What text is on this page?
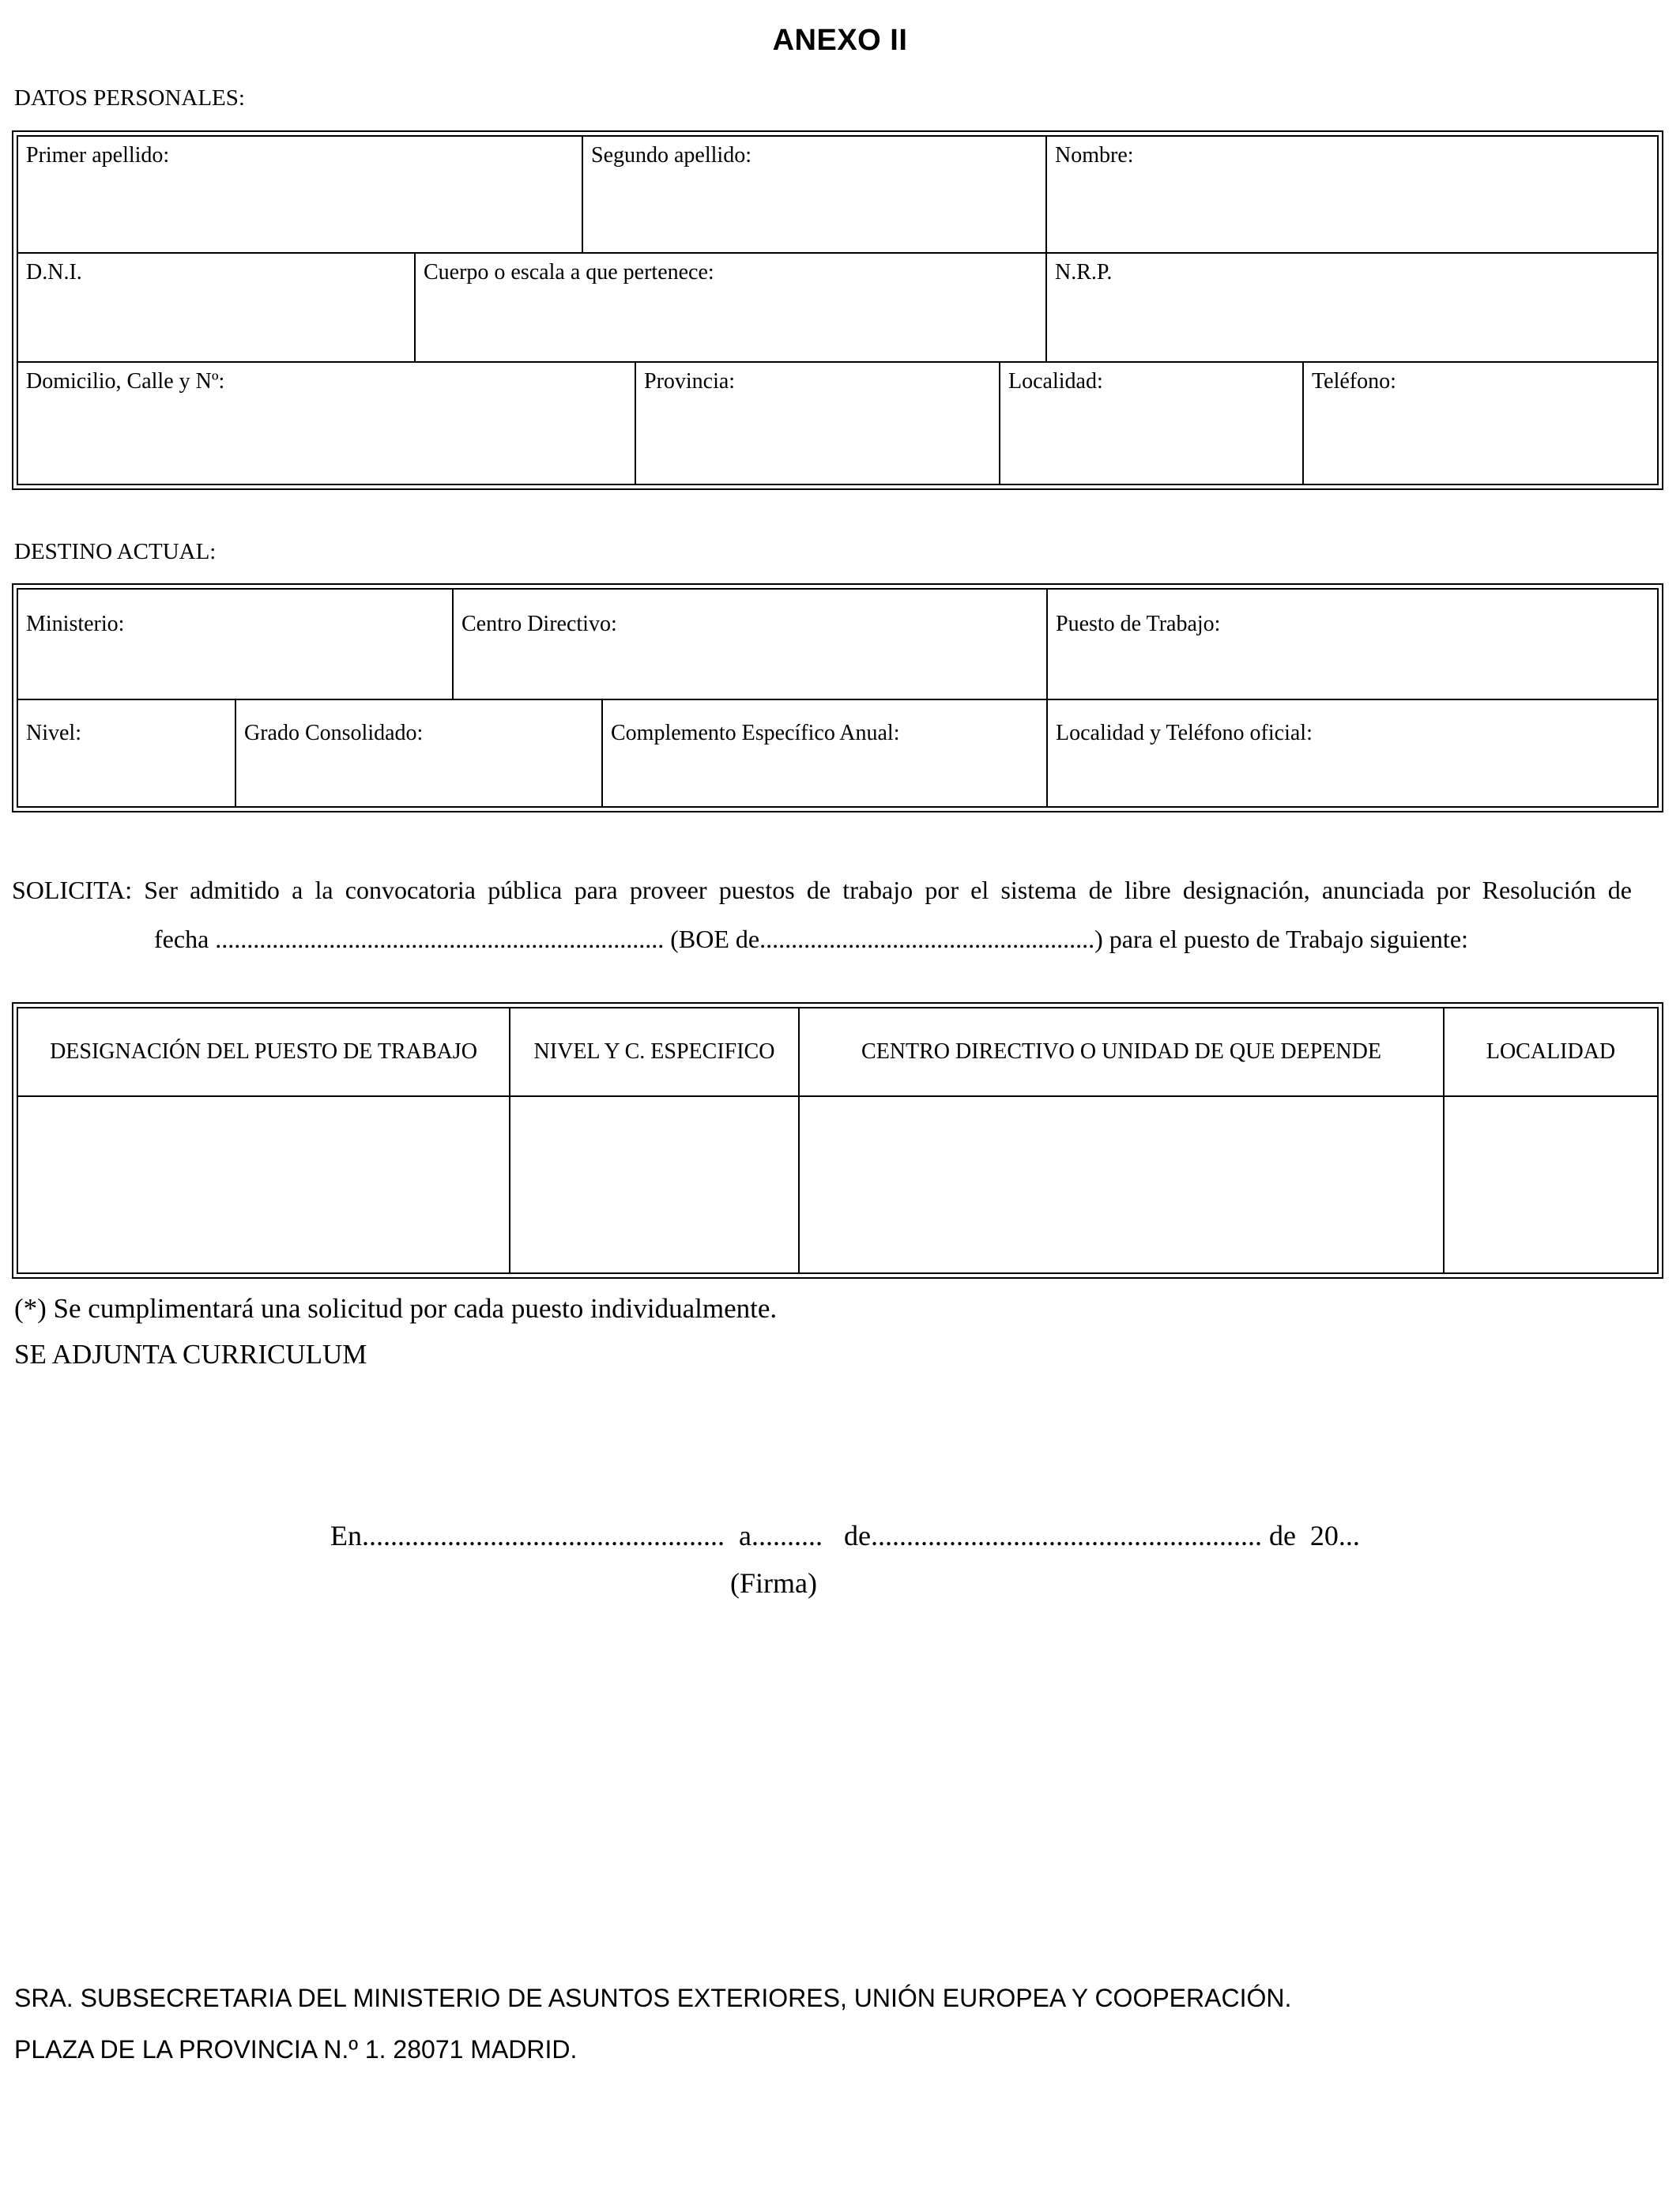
ANEXO II
DATOS PERSONALES:
Primer apellido:	Segundo apellido:	Nombre:
D.N.I.	Cuerpo o escala a que pertenece:	N.R.P.
Domicilio, Calle y Nº:	Provincia:	Localidad:	Teléfono:
DESTINO ACTUAL:
Ministerio:	Centro Directivo:	Puesto de Trabajo:
Nivel:	Grado Consolidado:	Complemento Específico Anual:	Localidad y Teléfono oficial:
SOLICITA: Ser admitido a la convocatoria pública para proveer puestos de trabajo por el sistema de libre designación, anunciada por Resolución de
fecha ....................................................................... (BOE de.....................................................) para el puesto de Trabajo siguiente:
DESIGNACIÓN DEL PUESTO DE TRABAJO	NIVEL Y C. ESPECIFICO	CENTRO DIRECTIVO O UNIDAD DE QUE DEPENDE	LOCALIDAD
(*) Se cumplimentará una solicitud por cada puesto individualmente.
SE ADJUNTA CURRICULUM
En...................................................  a..........   de....................................................... de  20...
(Firma)
SRA. SUBSECRETARIA DEL MINISTERIO DE ASUNTOS EXTERIORES, UNIÓN EUROPEA Y COOPERACIÓN.
PLAZA DE LA PROVINCIA N.º 1. 28071 MADRID.
